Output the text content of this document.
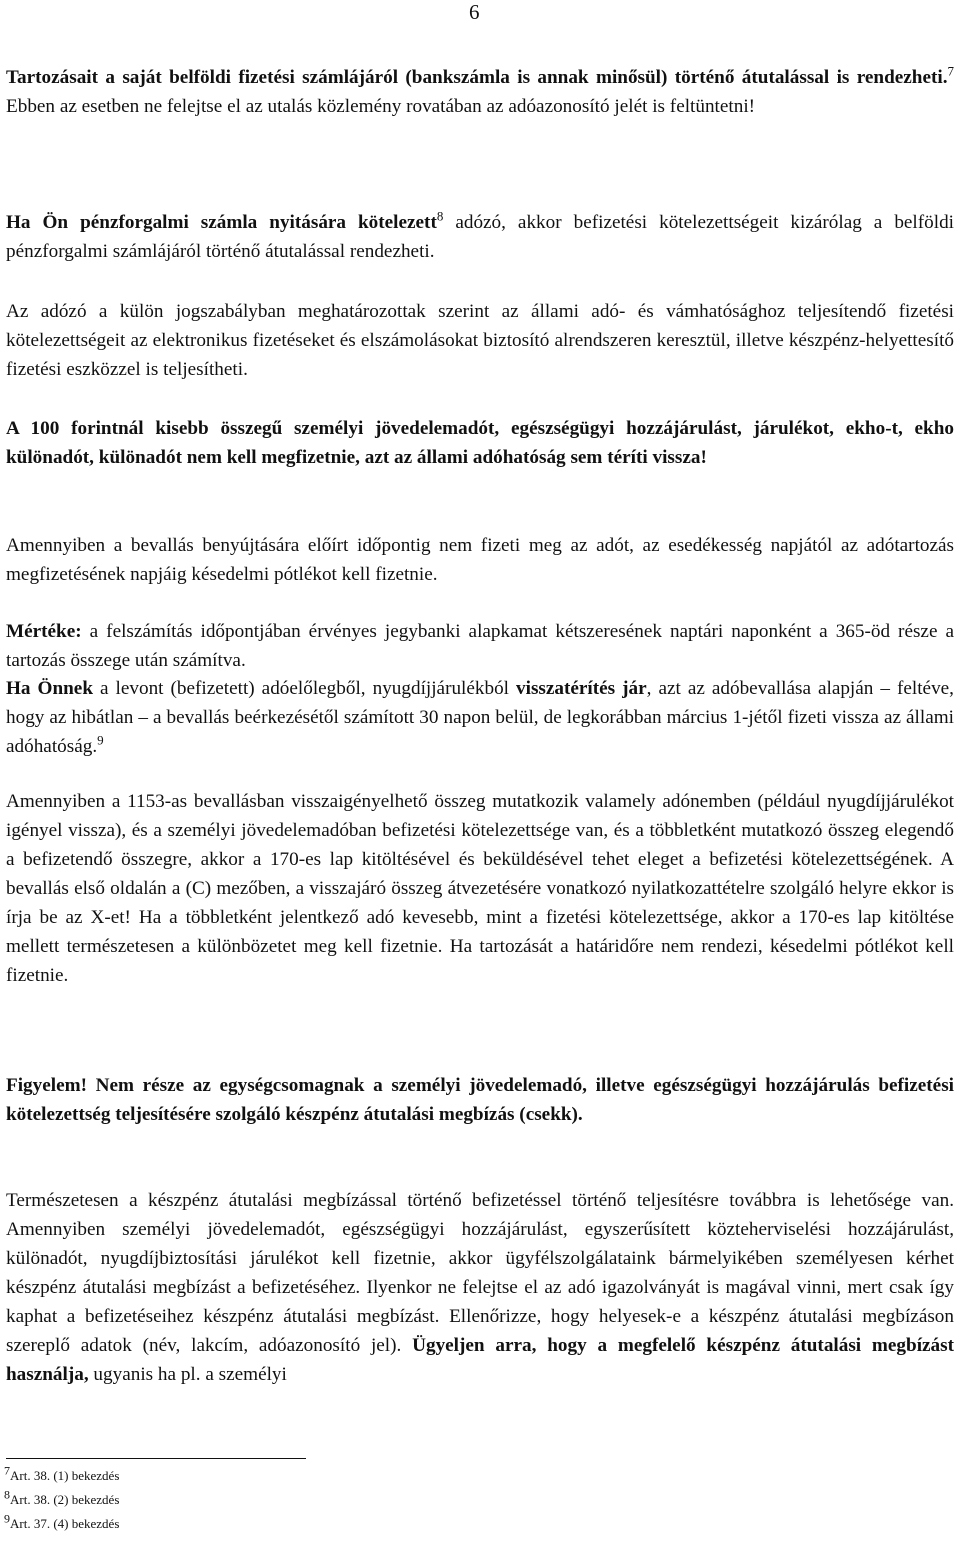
6

Tartozásait a saját belföldi fizetési számlájáról (bankszámla is annak minősül) történő átutalással is rendezheti.$^7$ Ebben az esetben ne felejtse el az utalás közlemény rovatában az adóazonosító jelét is feltüntetni!

Ha Ön pénzforgalmi számla nyitására kötelezett$^8$ adózó, akkor befizetési kötelezettségeit kizárólag a belföldi pénzforgalmi számlájáról történő átutalással rendezheti.

Az adózó a külön jogszabályban meghatározottak szerint az állami adó- és vámhatósághoz teljesítendő fizetési kötelezettségeit az elektronikus fizetéseket és elszámolásokat biztosító alrendszeren keresztül, illetve készpénz-helyettesítő fizetési eszközzel is teljesítheti.

A 100 forintnál kisebb összegű személyi jövedelemadót, egészségügyi hozzájárulást, járulékot, ekho-t, ekho különadót, különadót nem kell megfizetnie, azt az állami adóhatóság sem téríti vissza!

Amennyiben a bevallás benyújtására előírt időpontig nem fizeti meg az adót, az esedékesség napjától az adótartozás megfizetésének napjáig késedelmi pótlékot kell fizetnie.

Mértéke: a felszámítás időpontjában érvényes jegybanki alapkamat kétszeresének naptári naponként a 365-öd része a tartozás összege után számítva.

Ha Önnek a levont (befizetett) adóelőlegből, nyugdíjjárulékból visszatérítés jár, azt az adóbevallása alapján – feltéve, hogy az hibátlan – a bevallás beérkezésétől számított 30 napon belül, de legkorábban március 1-jétől fizeti vissza az állami adóhatóság.$^9$

Amennyiben a 1153-as bevallásban visszaigényelhető összeg mutatkozik valamely adónemben (például nyugdíjjárulékot igényel vissza), és a személyi jövedelemadóban befizetési kötelezettsége van, és a többletként mutatkozó összeg elegendő a befizetendő összegre, akkor a 170-es lap kitöltésével és beküldésével tehet eleget a befizetési kötelezettségének. A bevallás első oldalán a (C) mezőben, a visszajáró összeg átvezetésére vonatkozó nyilatkozattételre szolgáló helyre ekkor is írja be az X-et! Ha a többletként jelentkező adó kevesebb, mint a fizetési kötelezettsége, akkor a 170-es lap kitöltése mellett természetesen a különbözetet meg kell fizetnie. Ha tartozását a határidőre nem rendezi, késedelmi pótlékot kell fizetnie.

Figyelem! Nem része az egységcsomagnak a személyi jövedelemadó, illetve egészségügyi hozzájárulás befizetési kötelezettség teljesítésére szolgáló készpénz átutalási megbízás (csekk).

Természetesen a készpénz átutalási megbízással történő befizetéssel történő teljesítésre továbbra is lehetősége van. Amennyiben személyi jövedelemadót, egészségügyi hozzájárulást, egyszerűsített közteherviselési hozzájárulást, különadót, nyugdíjbiztosítási járulékot kell fizetnie, akkor ügyfélszolgálataink bármelyikében személyesen kérhet készpénz átutalási megbízást a befizetéséhez. Ilyenkor ne felejtse el az adó igazolványát is magával vinni, mert csak így kaphat a befizetéseihez készpénz átutalási megbízást. Ellenőrizze, hogy helyesek-e a készpénz átutalási megbízáson szereplő adatok (név, lakcím, adóazonosító jel). Ügyeljen arra, hogy a megfelelő készpénz átutalási megbízást használja, ugyanis ha pl. a személyi

$^7$Art. 38. (1) bekezdés
$^8$Art. 38. (2) bekezdés
$^9$Art. 37. (4) bekezdés
